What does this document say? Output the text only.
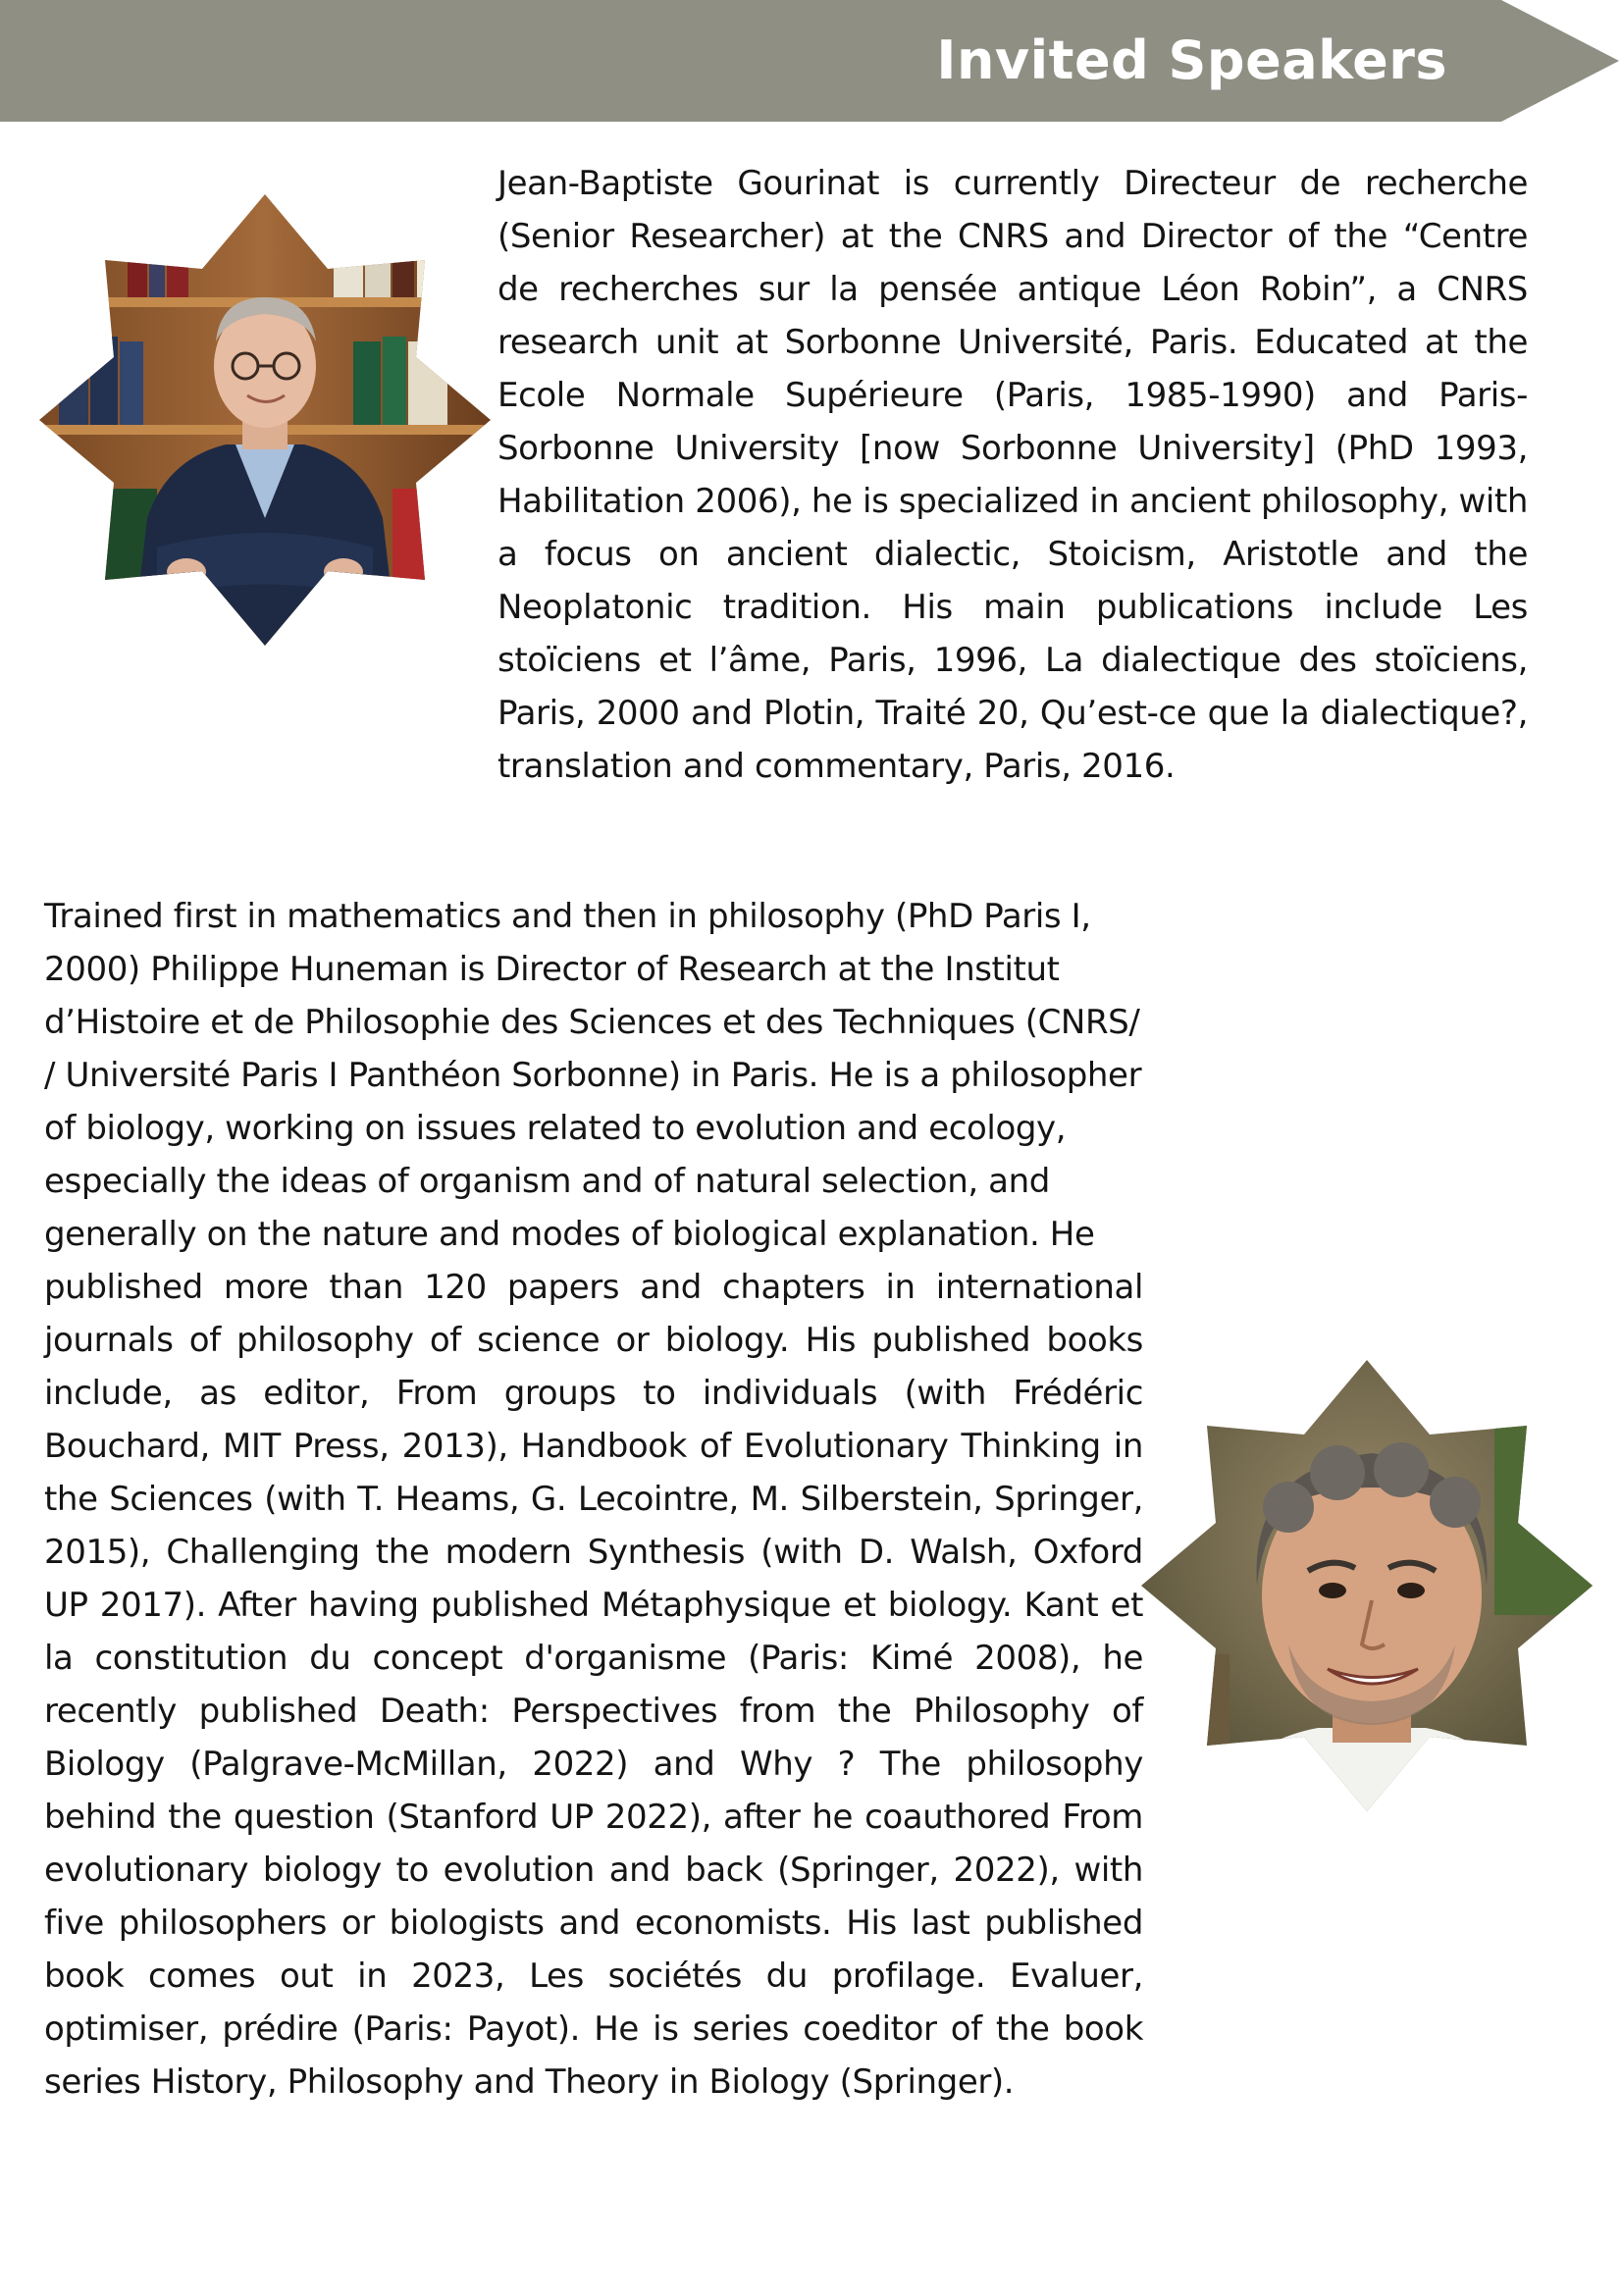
Invited Speakers

Jean-Baptiste Gourinat is currently Directeur de recherche (Senior Researcher) at the CNRS and Director of the “Centre de recherches sur la pensée antique Léon Robin”, a CNRS research unit at Sorbonne Université, Paris. Educated at the Ecole Normale Supérieure (Paris, 1985-1990) and Paris-Sorbonne University [now Sorbonne University] (PhD 1993, Habilitation 2006), he is specialized in ancient philosophy, with a focus on ancient dialectic, Stoicism, Aristotle and the Neoplatonic tradition. His main publications include Les stoïciens et l’âme, Paris, 1996, La dialectique des stoïciens, Paris, 2000 and Plotin, Traité 20, Qu’est-ce que la dialectique?, translation and commentary, Paris, 2016.

Trained first in mathematics and then in philosophy (PhD Paris I, 2000) Philippe Huneman is Director of Research at the Institut d’Histoire et de Philosophie des Sciences et des Techniques (CNRS/ / Université Paris I Panthéon Sorbonne) in Paris. He is a philosopher of biology, working on issues related to evolution and ecology, especially the ideas of organism and of natural selection, and generally on the nature and modes of biological explanation. He

published more than 120 papers and chapters in international journals of philosophy of science or biology. His published books include, as editor, From groups to individuals (with Frédéric Bouchard, MIT Press, 2013), Handbook of Evolutionary Thinking in the Sciences (with T. Heams, G. Lecointre, M. Silberstein, Springer, 2015), Challenging the modern Synthesis (with D. Walsh, Oxford UP 2017). After having published Métaphysique et biology. Kant et la constitution du concept d'organisme (Paris: Kimé 2008), he recently published Death: Perspectives from the Philosophy of Biology (Palgrave-McMillan, 2022) and Why ? The philosophy behind the question (Stanford UP 2022), after he coauthored From evolutionary biology to evolution and back (Springer, 2022), with five philosophers or biologists and economists. His last published book comes out in 2023, Les sociétés du profilage. Evaluer, optimiser, prédire (Paris: Payot). He is series coeditor of the book series History, Philosophy and Theory in Biology (Springer).
